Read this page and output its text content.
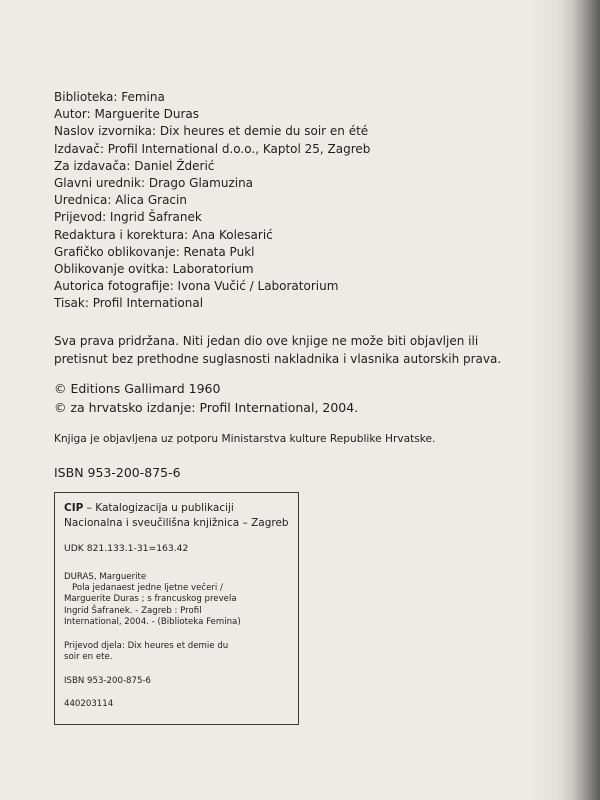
Biblioteka: Femina
Autor: Marguerite Duras
Naslov izvornika: Dix heures et demie du soir en été
Izdavač: Profil International d.o.o., Kaptol 25, Zagreb
Za izdavača: Daniel Žderić
Glavni urednik: Drago Glamuzina
Urednica: Alica Gracin
Prijevod: Ingrid Šafranek
Redaktura i korektura: Ana Kolesarić
Grafičko oblikovanje: Renata Pukl
Oblikovanje ovitka: Laboratorium
Autorica fotografije: Ivona Vučić / Laboratorium
Tisak: Profil International
Sva prava pridržana. Niti jedan dio ove knjige ne može biti objavljen ili
pretisnut bez prethodne suglasnosti nakladnika i vlasnika autorskih prava.
© Editions Gallimard 1960
© za hrvatsko izdanje: Profil International, 2004.
Knjiga je objavljena uz potporu Ministarstva kulture Republike Hrvatske.
ISBN 953-200-875-6
CIP – Katalogizacija u publikaciji
Nacionalna i sveučilišna knjižnica – Zagreb
UDK 821.133.1-31=163.42
DURAS, Marguerite
Pola jedanaest jedne ljetne večeri /
Marguerite Duras ; s francuskog prevela
Ingrid Šafranek. - Zagreb : Profil
International, 2004. - (Biblioteka Femina)
Prijevod djela: Dix heures et demie du
soir en ete.
ISBN 953-200-875-6
440203114
